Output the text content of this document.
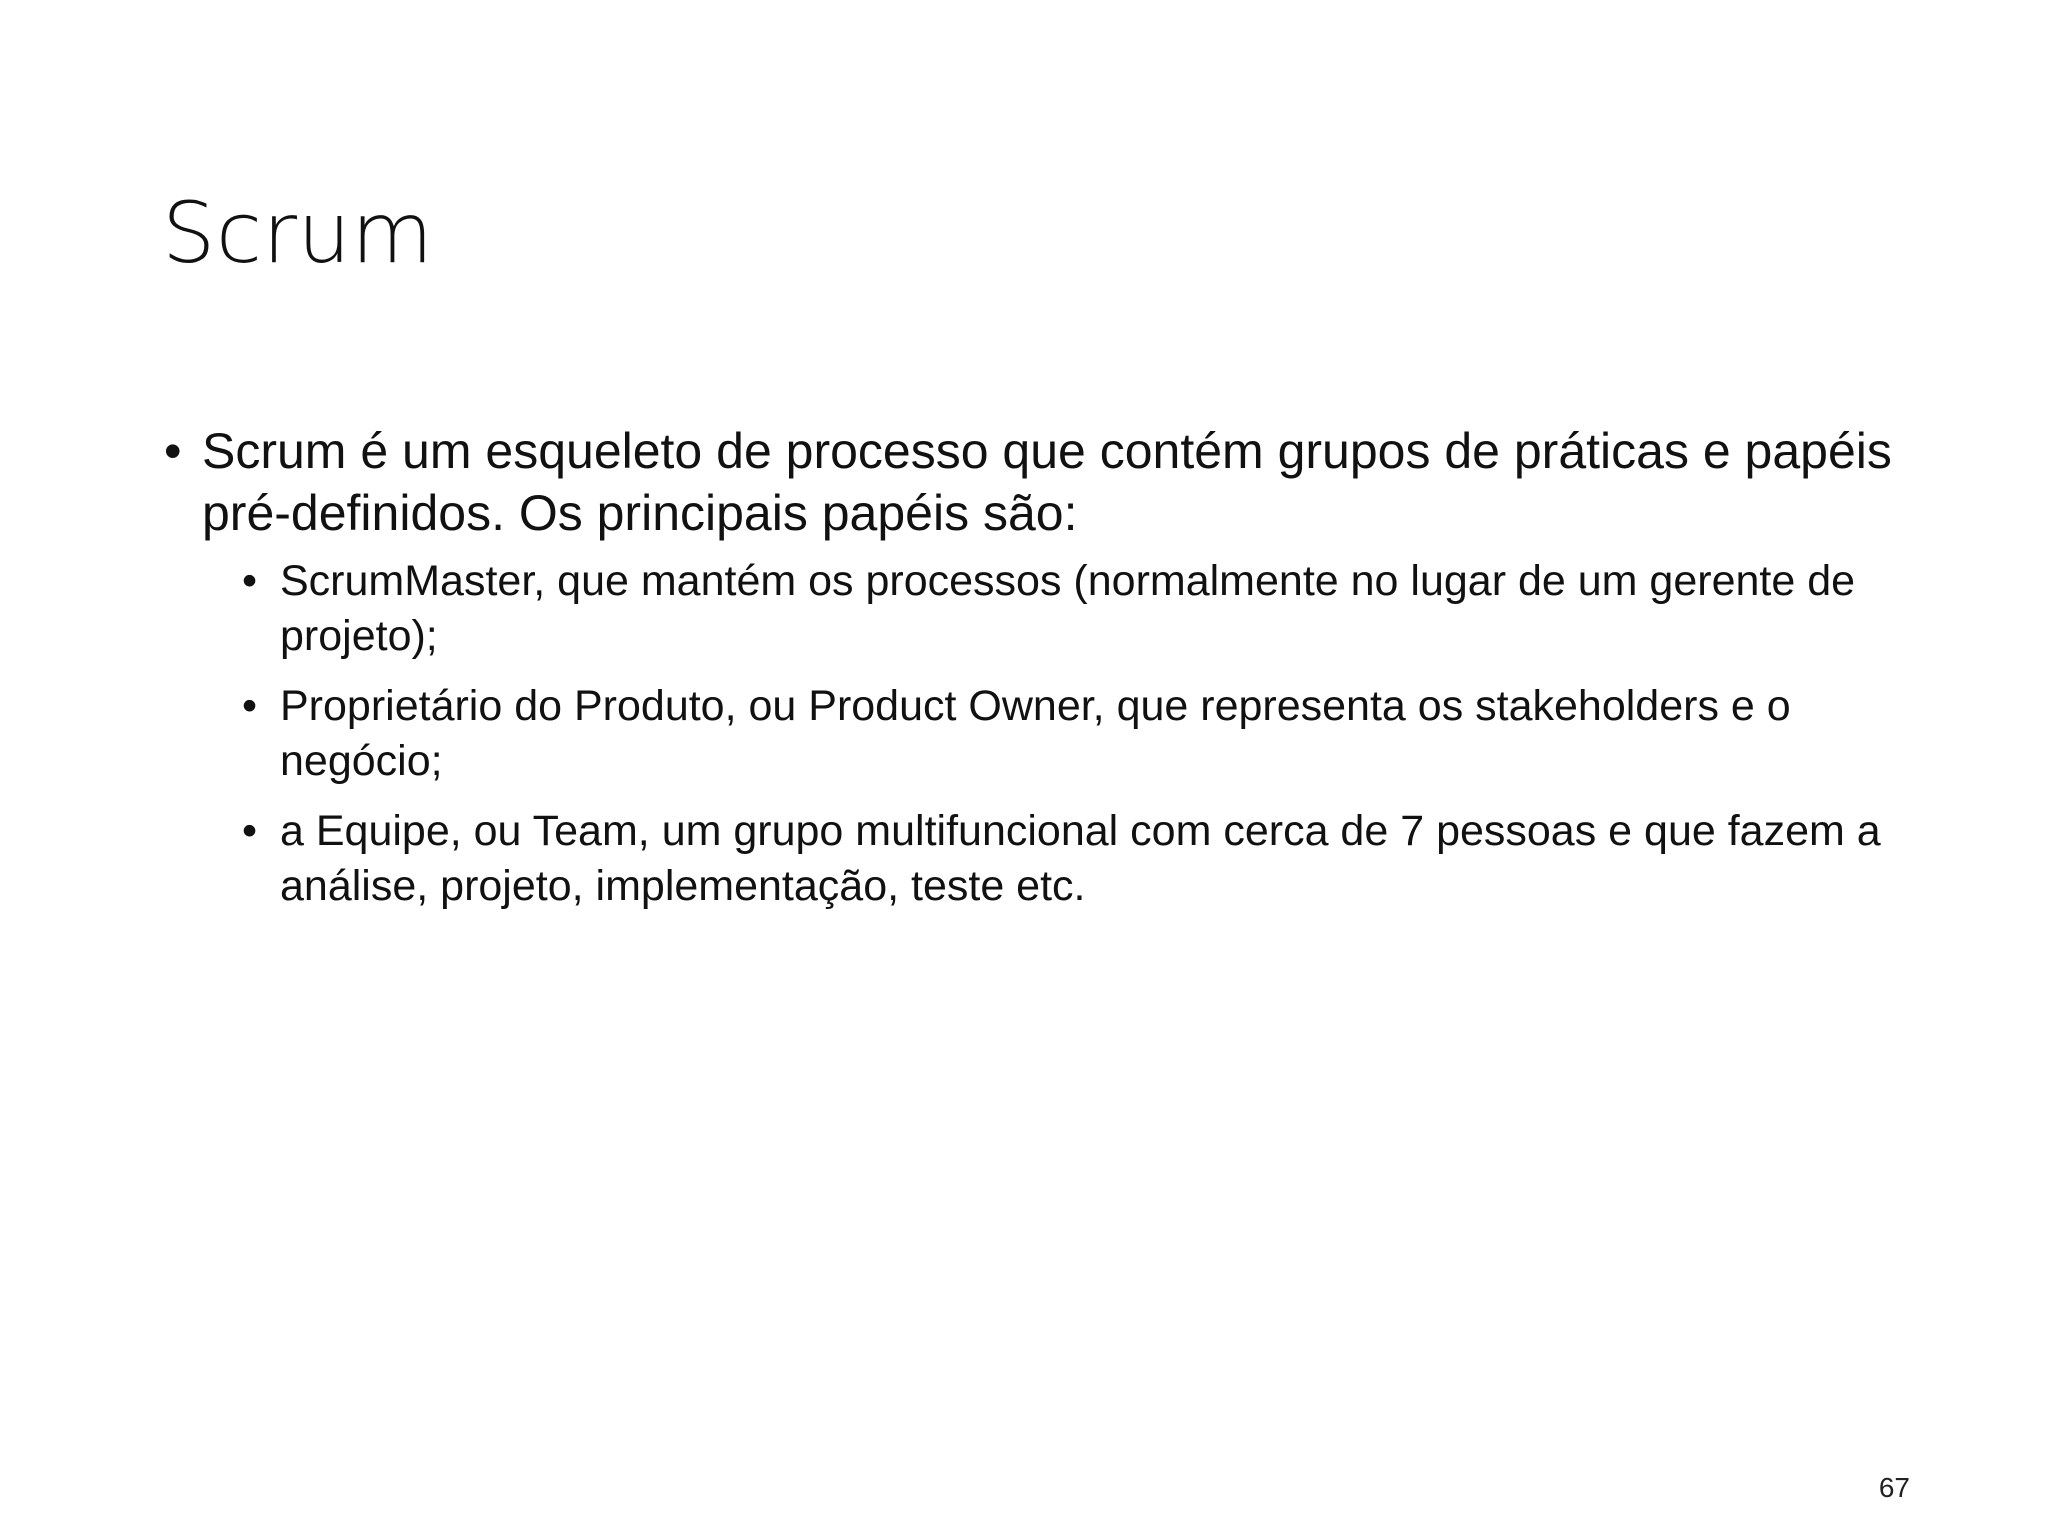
Scrum
• Scrum é um esqueleto de processo que contém grupos de práticas e papéis pré-definidos. Os principais papéis são:
• ScrumMaster, que mantém os processos (normalmente no lugar de um gerente de projeto);
• Proprietário do Produto, ou Product Owner, que representa os stakeholders e o negócio;
• a Equipe, ou Team, um grupo multifuncional com cerca de 7 pessoas e que fazem a análise, projeto, implementação, teste etc.
67
